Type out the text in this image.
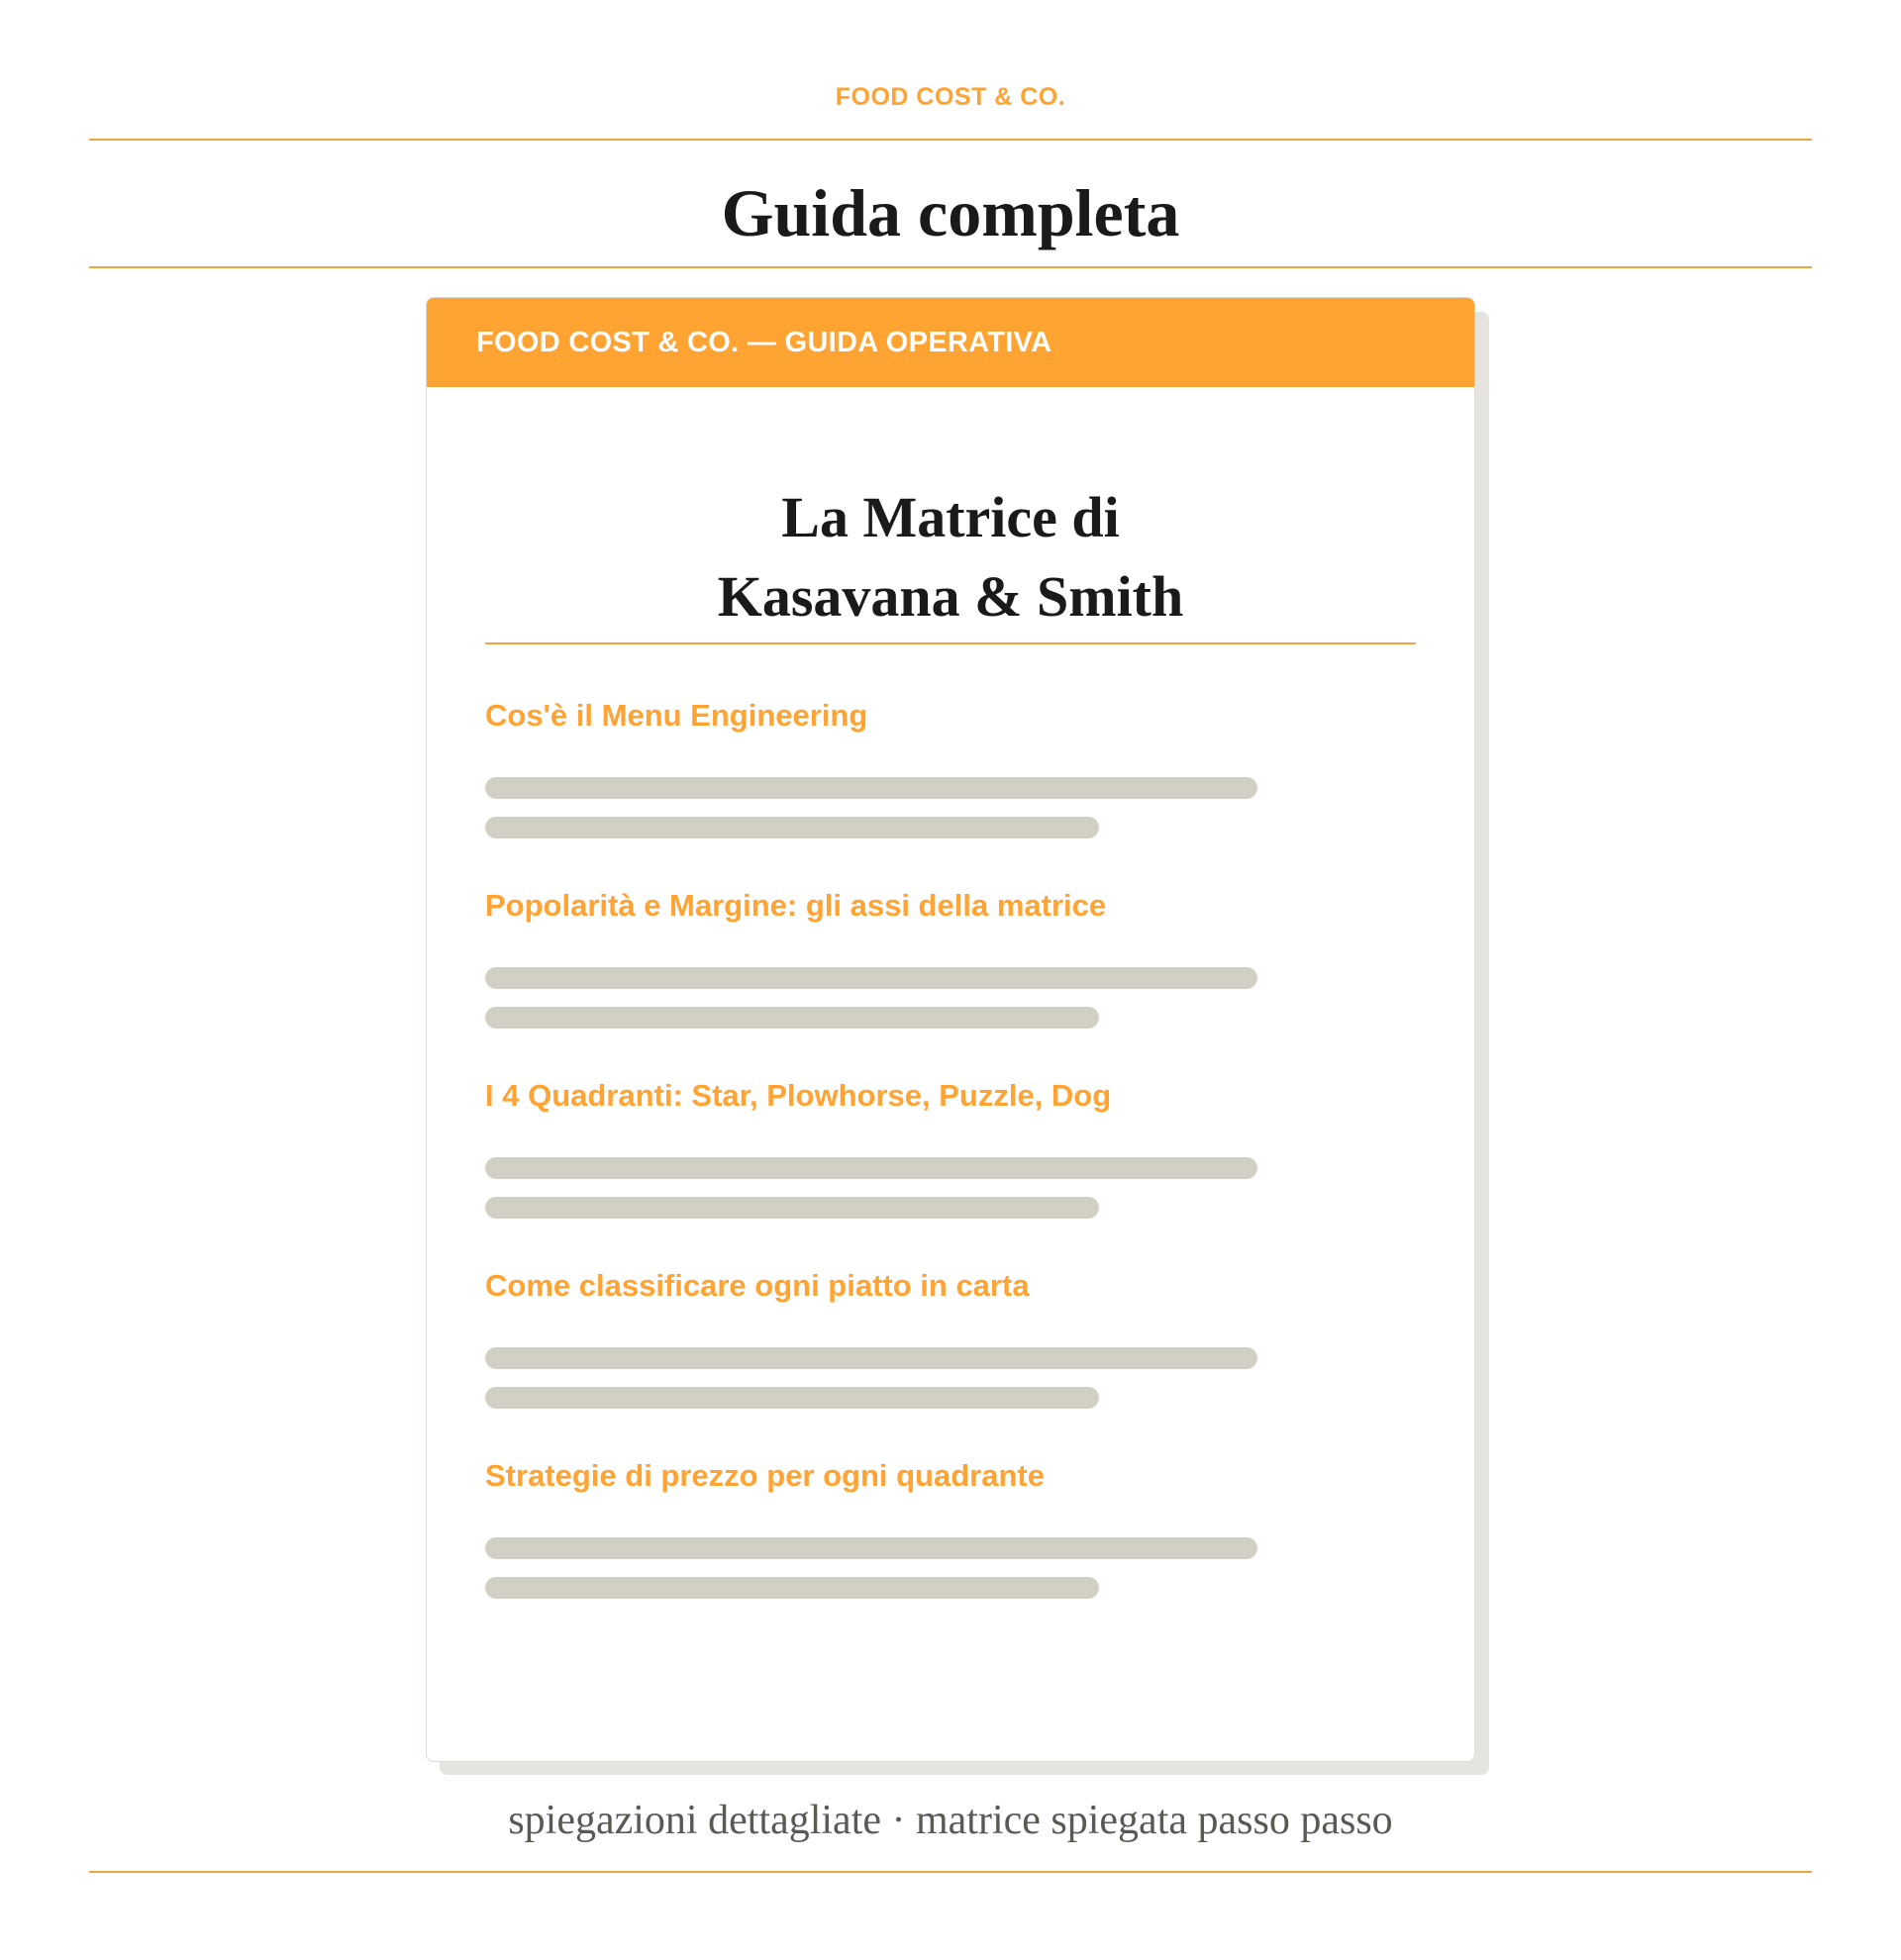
FOOD COST & CO.
Guida completa
FOOD COST & CO. — GUIDA OPERATIVA
La Matrice di
Kasavana & Smith
Cos'è il Menu Engineering
Popolarità e Margine: gli assi della matrice
I 4 Quadranti: Star, Plowhorse, Puzzle, Dog
Come classificare ogni piatto in carta
Strategie di prezzo per ogni quadrante
spiegazioni dettagliate · matrice spiegata passo passo
